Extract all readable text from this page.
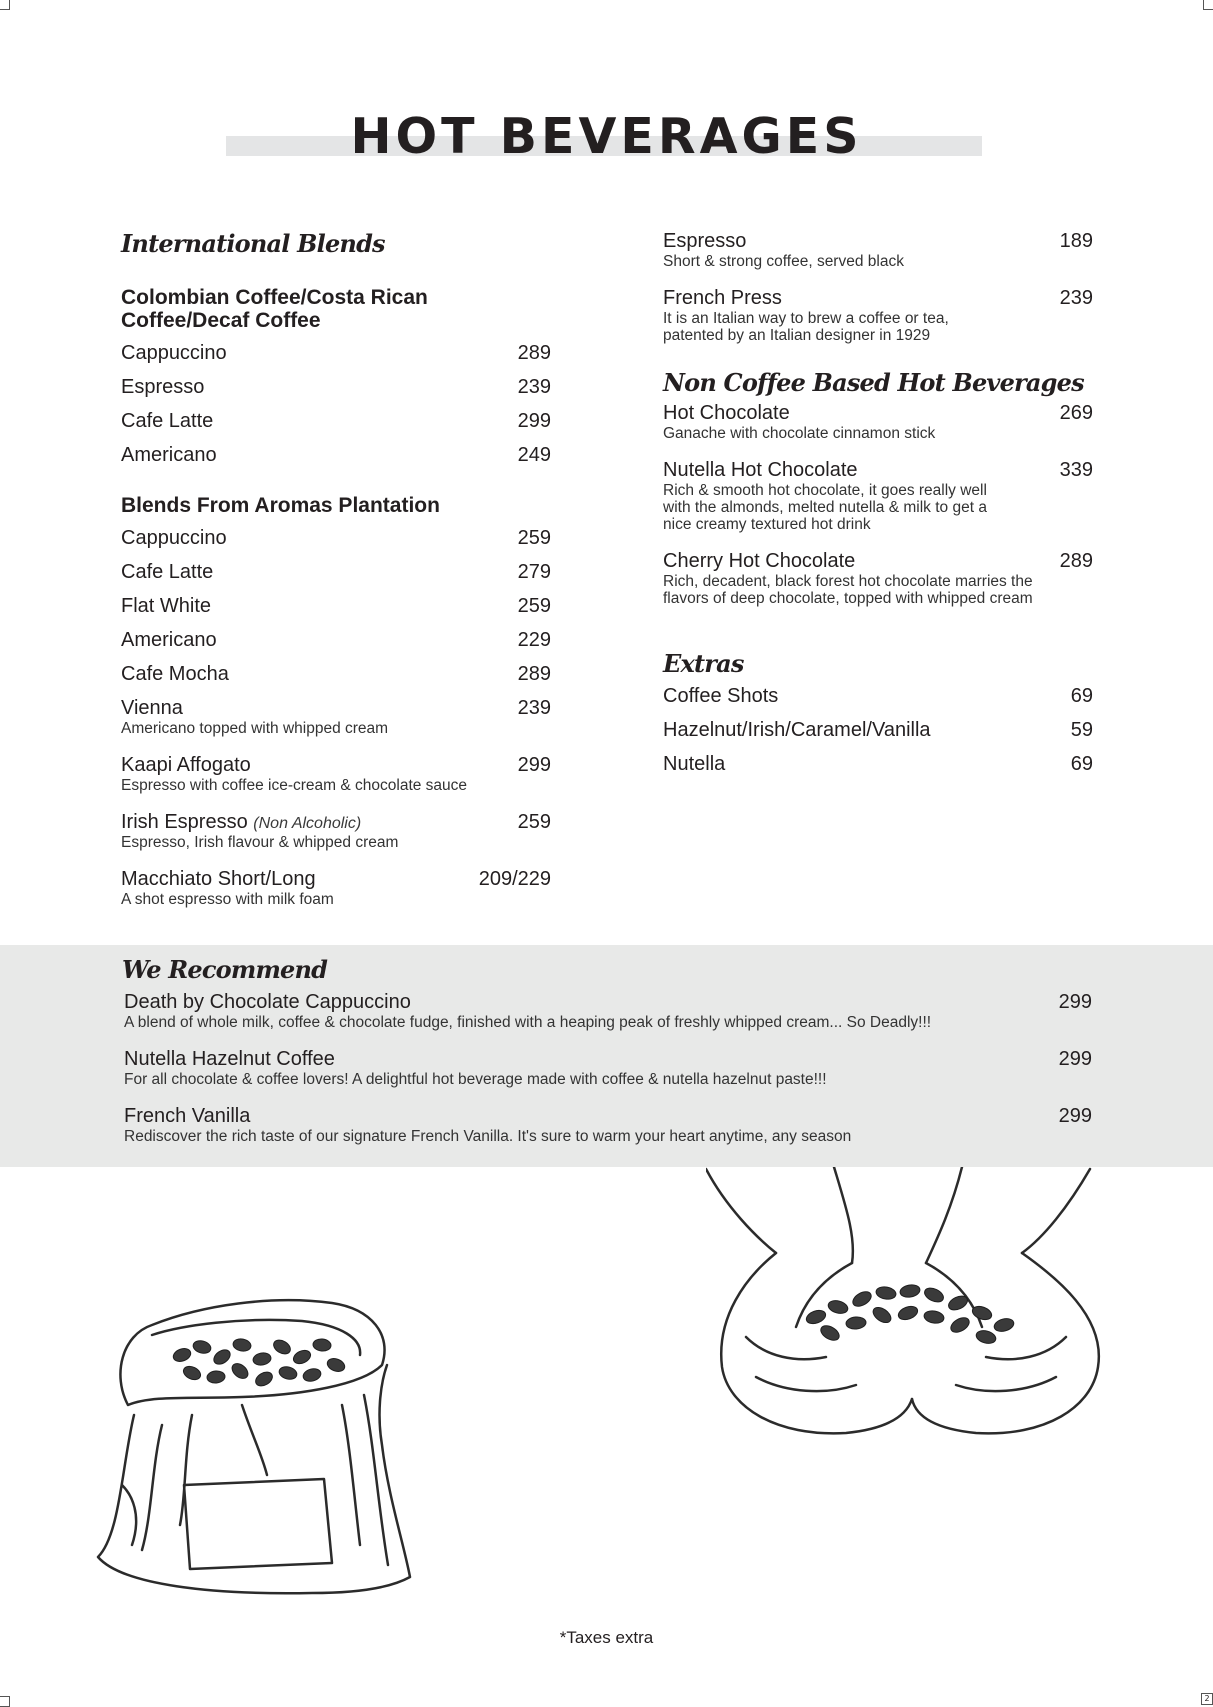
2
HOT BEVERAGES
International Blends
Colombian Coffee/Costa Rican Coffee/Decaf Coffee
Cappuccino	289
Espresso	239
Cafe Latte	299
Americano	249
Blends From Aromas Plantation
Cappuccino	259
Cafe Latte	279
Flat White	259
Americano	229
Cafe Mocha	289
Vienna	239
Americano topped with whipped cream
Kaapi Affogato	299
Espresso with coffee ice-cream & chocolate sauce
Irish Espresso (Non Alcoholic)	259
Espresso, Irish flavour & whipped cream
Macchiato Short/Long	209/229
A shot espresso with milk foam
Espresso	189
Short & strong coffee, served black
French Press	239
It is an Italian way to brew a coffee or tea, patented by an Italian designer in 1929
Non Coffee Based Hot Beverages
Hot Chocolate	269
Ganache with chocolate cinnamon stick
Nutella Hot Chocolate	339
Rich & smooth hot chocolate, it goes really well with the almonds, melted nutella & milk to get a nice creamy textured hot drink
Cherry Hot Chocolate	289
Rich, decadent, black forest hot chocolate marries the flavors of deep chocolate, topped with whipped cream
Extras
Coffee Shots	69
Hazelnut/Irish/Caramel/Vanilla	59
Nutella	69
We Recommend
Death by Chocolate Cappuccino	299
A blend of whole milk, coffee & chocolate fudge, finished with a heaping peak of freshly whipped cream... So Deadly!!!
Nutella Hazelnut Coffee	299
For all chocolate & coffee lovers! A delightful hot beverage made with coffee & nutella hazelnut paste!!!
French Vanilla	299
Rediscover the rich taste of our signature French Vanilla. It's sure to warm your heart anytime, any season
*Taxes extra
